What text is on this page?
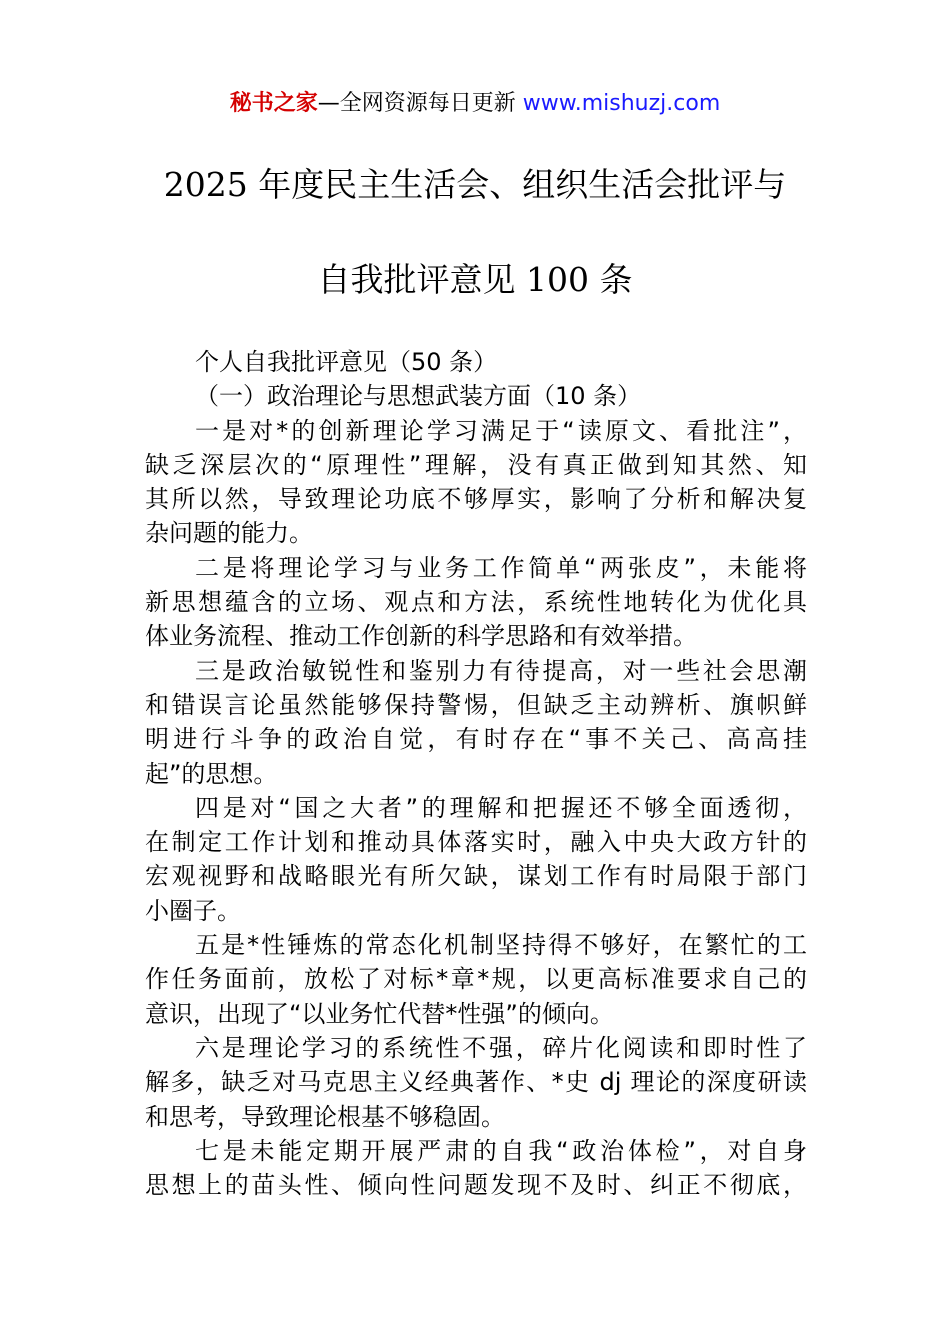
秘书之家—全网资源每日更新 www.mishuzj.com
2025 年度民主生活会、组织生活会批评与
自我批评意见 100 条
个人自我批评意见（50 条）
（一）政治理论与思想武装方面（10 条）
一是对*的创新理论学习满足于“读原文、看批注”，
缺乏深层次的“原理性”理解，没有真正做到知其然、知
其所以然，导致理论功底不够厚实，影响了分析和解决复
杂问题的能力。
二是将理论学习与业务工作简单“两张皮”，未能将
新思想蕴含的立场、观点和方法，系统性地转化为优化具
体业务流程、推动工作创新的科学思路和有效举措。
三是政治敏锐性和鉴别力有待提高，对一些社会思潮
和错误言论虽然能够保持警惕，但缺乏主动辨析、旗帜鲜
明进行斗争的政治自觉，有时存在“事不关己、高高挂
起”的思想。
四是对“国之大者”的理解和把握还不够全面透彻，
在制定工作计划和推动具体落实时，融入中央大政方针的
宏观视野和战略眼光有所欠缺，谋划工作有时局限于部门
小圈子。
五是*性锤炼的常态化机制坚持得不够好，在繁忙的工
作任务面前，放松了对标*章*规，以更高标准要求自己的
意识，出现了“以业务忙代替*性强”的倾向。
六是理论学习的系统性不强，碎片化阅读和即时性了
解多，缺乏对马克思主义经典著作、*史 dj 理论的深度研读
和思考，导致理论根基不够稳固。
七是未能定期开展严肃的自我“政治体检”，对自身
思想上的苗头性、倾向性问题发现不及时、纠正不彻底，
